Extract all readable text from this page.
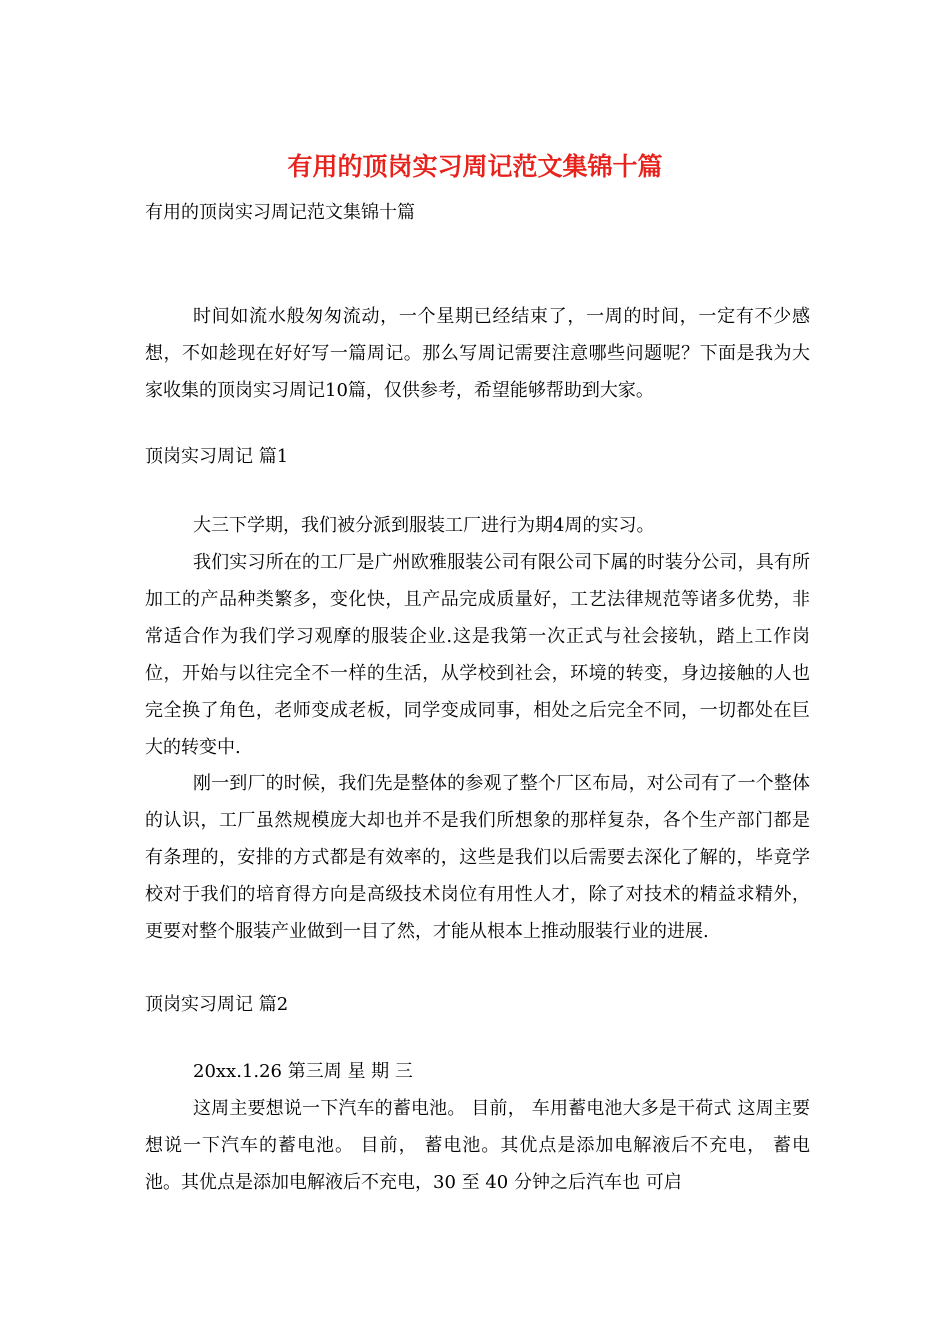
有用的顶岗实习周记范文集锦十篇
有用的顶岗实习周记范文集锦十篇

时间如流水般匆匆流动，一个星期已经结束了，一周的时间，一定有不少感想，不如趁现在好好写一篇周记。那么写周记需要注意哪些问题呢？下面是我为大家收集的顶岗实习周记10篇，仅供参考，希望能够帮助到大家。

顶岗实习周记 篇1

大三下学期，我们被分派到服装工厂进行为期4周的实习。

我们实习所在的工厂是广州欧雅服装公司有限公司下属的时装分公司，具有所加工的产品种类繁多，变化快，且产品完成质量好，工艺法律规范等诸多优势，非常适合作为我们学习观摩的服装企业.这是我第一次正式与社会接轨，踏上工作岗位，开始与以往完全不一样的生活，从学校到社会，环境的转变，身边接触的人也完全换了角色，老师变成老板，同学变成同事，相处之后完全不同，一切都处在巨大的转变中.

刚一到厂的时候，我们先是整体的参观了整个厂区布局，对公司有了一个整体的认识，工厂虽然规模庞大却也并不是我们所想象的那样复杂，各个生产部门都是有条理的，安排的方式都是有效率的，这些是我们以后需要去深化了解的，毕竟学校对于我们的培育得方向是高级技术岗位有用性人才，除了对技术的精益求精外，更要对整个服装产业做到一目了然，才能从根本上推动服装行业的进展.

顶岗实习周记 篇2
20xx.1.26 第三周 星 期 三

这周主要想说一下汽车的蓄电池。 目前， 车用蓄电池大多是干荷式 这周主要想说一下汽车的蓄电池。 目前， 蓄电池。其优点是添加电解液后不充电， 蓄电池。其优点是添加电解液后不充电，30 至 40 分钟之后汽车也 可启
